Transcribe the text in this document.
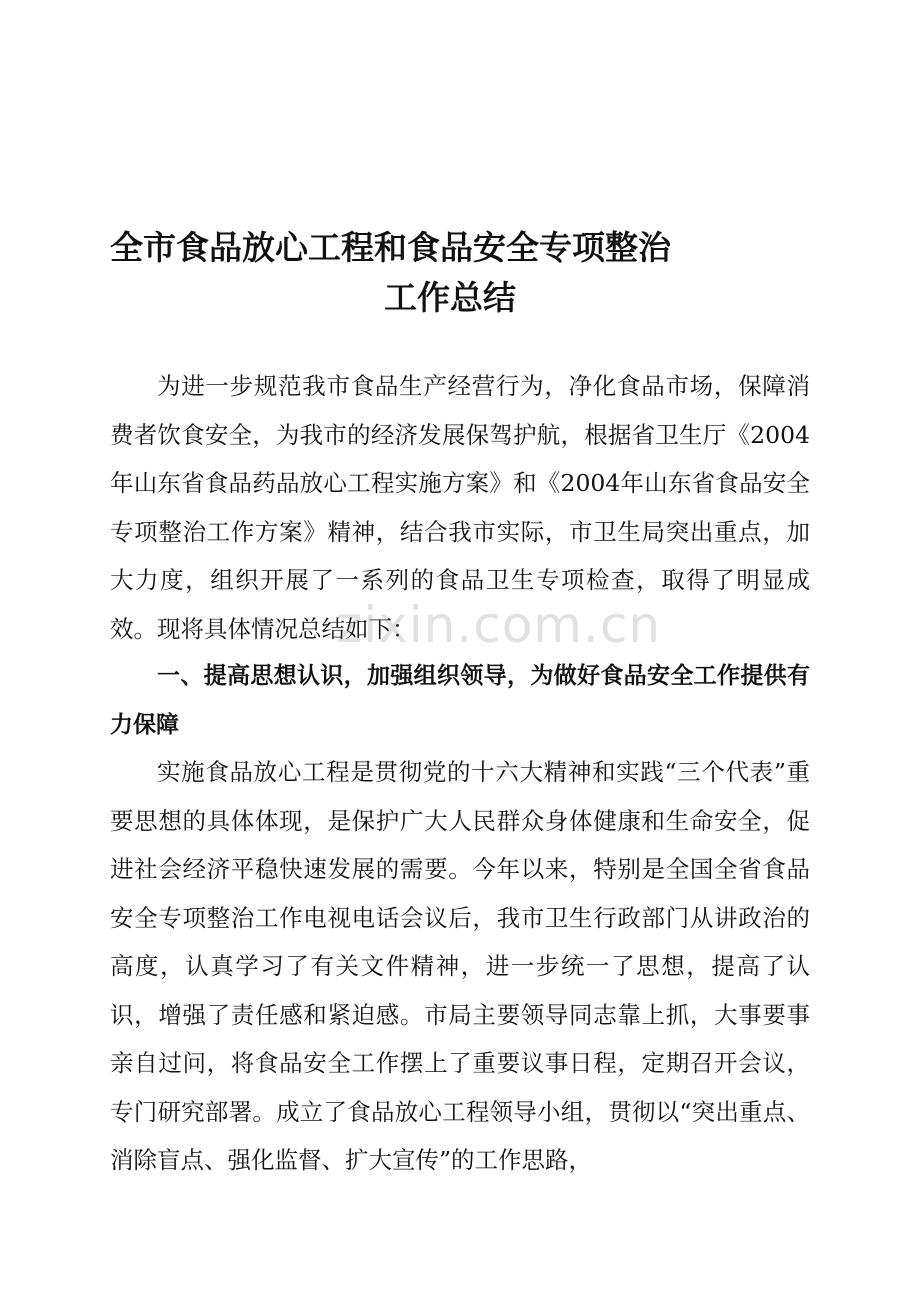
全市食品放心工程和食品安全专项整治
工作总结

为进一步规范我市食品生产经营行为，净化食品市场，保障消费者饮食安全，为我市的经济发展保驾护航，根据省卫生厅《2004年山东省食品药品放心工程实施方案》和《2004年山东省食品安全专项整治工作方案》精神，结合我市实际，市卫生局突出重点，加大力度，组织开展了一系列的食品卫生专项检查，取得了明显成效。现将具体情况总结如下：

一、提高思想认识，加强组织领导，为做好食品安全工作提供有力保障

实施食品放心工程是贯彻党的十六大精神和实践“三个代表”重要思想的具体体现，是保护广大人民群众身体健康和生命安全，促进社会经济平稳快速发展的需要。今年以来，特别是全国全省食品安全专项整治工作电视电话会议后，我市卫生行政部门从讲政治的高度，认真学习了有关文件精神，进一步统一了思想，提高了认识，增强了责任感和紧迫感。市局主要领导同志靠上抓，大事要事亲自过问，将食品安全工作摆上了重要议事日程，定期召开会议，专门研究部署。成立了食品放心工程领导小组，贯彻以“突出重点、消除盲点、强化监督、扩大宣传”的工作思路，

zixin.com.cn
